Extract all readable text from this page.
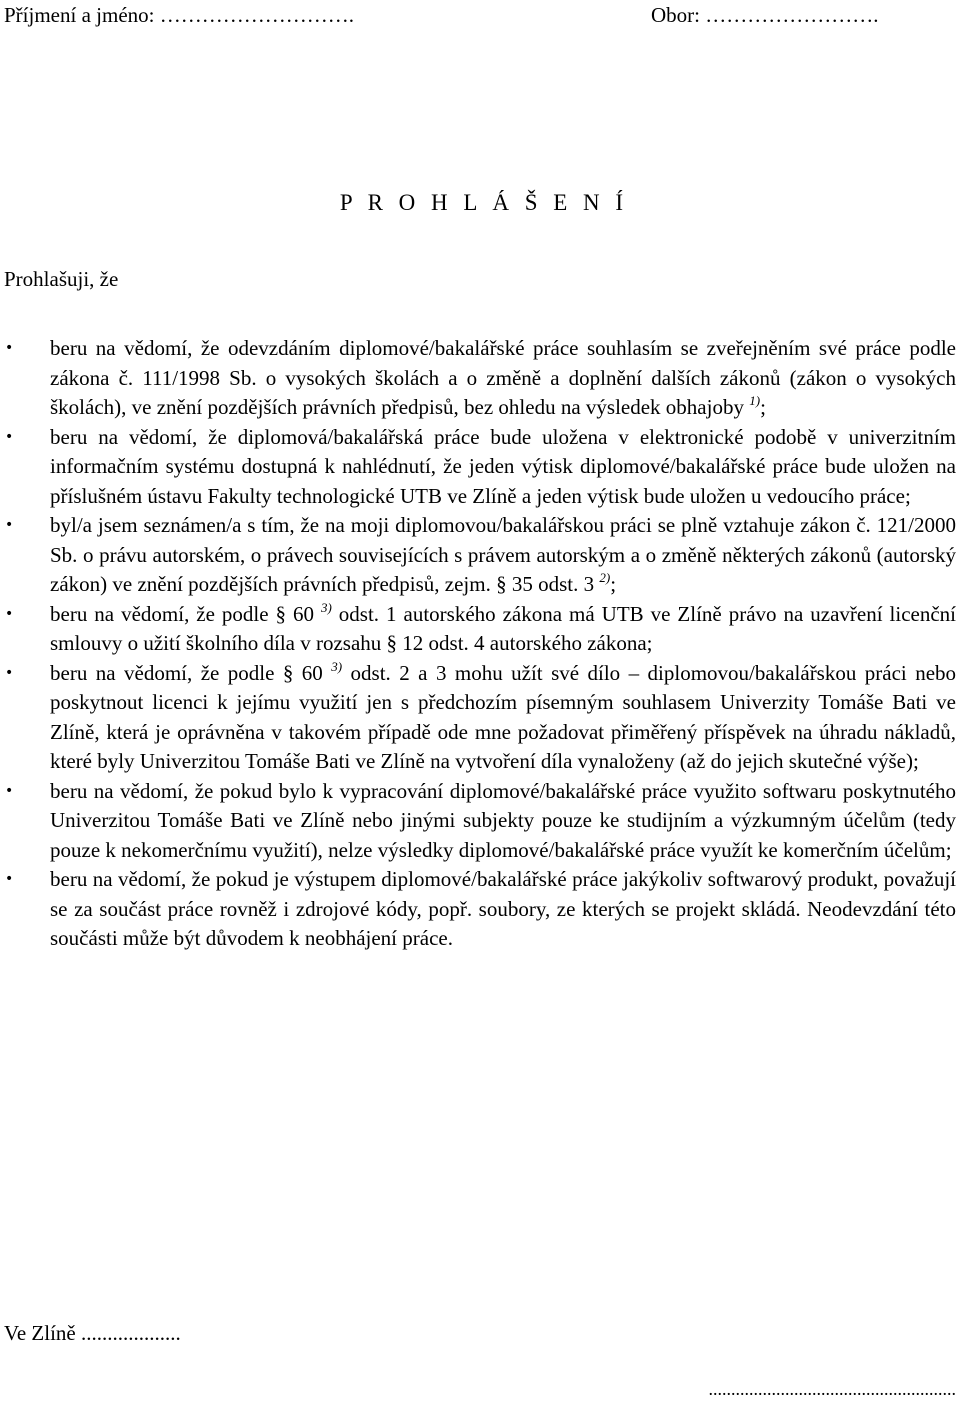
Příjmení a jméno: ……………………….	Obor: …………………….
P R O H L Á Š E N Í
Prohlašuji, že
• beru na vědomí, že odevzdáním diplomové/bakalářské práce souhlasím se zveřejněním své práce podle zákona č. 111/1998 Sb. o vysokých školách a o změně a doplnění dalších zákonů (zákon o vysokých školách), ve znění pozdějších právních předpisů, bez ohledu na výsledek obhajoby $^{1)}$;
• beru na vědomí, že diplomová/bakalářská práce bude uložena v elektronické podobě v univerzitním informačním systému dostupná k nahlédnutí, že jeden výtisk diplomové/bakalářské práce bude uložen na příslušném ústavu Fakulty technologické UTB ve Zlíně a jeden výtisk bude uložen u vedoucího práce;
• byl/a jsem seznámen/a s tím, že na moji diplomovou/bakalářskou práci se plně vztahuje zákon č. 121/2000 Sb. o právu autorském, o právech souvisejících s právem autorským a o změně některých zákonů (autorský zákon) ve znění pozdějších právních předpisů, zejm. § 35 odst. 3 $^{2)}$;
• beru na vědomí, že podle § 60 $^{3)}$ odst. 1 autorského zákona má UTB ve Zlíně právo na uzavření licenční smlouvy o užití školního díla v rozsahu § 12 odst. 4 autorského zákona;
• beru na vědomí, že podle § 60 $^{3)}$ odst. 2 a 3 mohu užít své dílo – diplomovou/bakalářskou práci nebo poskytnout licenci k jejímu využití jen s předchozím písemným souhlasem Univerzity Tomáše Bati ve Zlíně, která je oprávněna v takovém případě ode mne požadovat přiměřený příspěvek na úhradu nákladů, které byly Univerzitou Tomáše Bati ve Zlíně na vytvoření díla vynaloženy (až do jejich skutečné výše);
• beru na vědomí, že pokud bylo k vypracování diplomové/bakalářské práce využito softwaru poskytnutého Univerzitou Tomáše Bati ve Zlíně nebo jinými subjekty pouze ke studijním a výzkumným účelům (tedy pouze k nekomerčnímu využití), nelze výsledky diplomové/bakalářské práce využít ke komerčním účelům;
• beru na vědomí, že pokud je výstupem diplomové/bakalářské práce jakýkoliv softwarový produkt, považují se za součást práce rovněž i zdrojové kódy, popř. soubory, ze kterých se projekt skládá. Neodevzdání této součásti může být důvodem k neobhájení práce.
Ve Zlíně ...................
.......................................................
